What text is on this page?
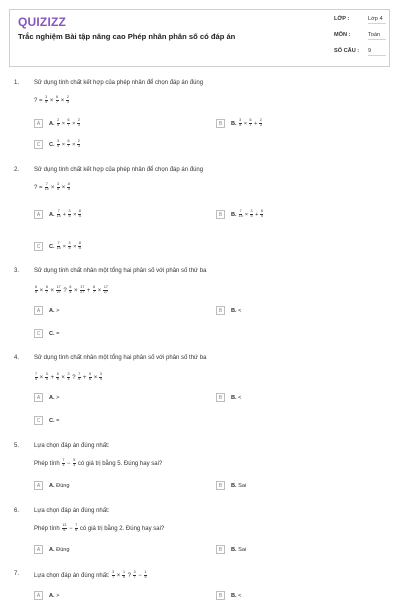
QUIZIZZ
Trắc nghiệm Bài tập nâng cao Phép nhân phân số có đáp án
LỚP :	Lớp 4
MÔN :	Toán
SỐ CÂU : 9
1. Sử dụng tính chất kết hợp của phép nhân để chọn đáp án đúng
? = $\frac{3}{5} \times \frac{6}{7} \times \frac{2}{3}$
A	A. $\frac{2}{5} \times \frac{6}{7} \times \frac{2}{3}$	B	B. $\frac{3}{5} \times \frac{6}{7} + \frac{2}{3}$
C	C. $\frac{3}{5} \times \frac{6}{7} \times \frac{2}{3}$
2. Sử dụng tính chất kết hợp của phép nhân để chọn đáp án đúng
? = $\frac{7}{15} \times \frac{3}{5} \times \frac{8}{5}$
A	A. $\frac{7}{15} + \frac{3}{5} \times \frac{8}{5}$	B	B. $\frac{7}{15} \times \frac{3}{5} + \frac{8}{5}$
C	C. $\frac{7}{15} \times \frac{3}{5} \times \frac{8}{5}$
3. Sử dụng tính chất nhân một tổng hai phân số với phân số thứ ba
$\frac{8}{5} \times \frac{8}{7} \times \frac{17}{27}$ ? $\frac{8}{5} \times \frac{17}{27} + \frac{8}{7} \times \frac{17}{27}$
A	A. >	B	B. <
C	C. =
4. Sử dụng tính chất nhân một tổng hai phân số với phân số thứ ba
$\frac{7}{5} \times \frac{3}{4} + \frac{5}{6} \times \frac{3}{4}$ ? $\frac{7}{5} + \frac{5}{6} \times \frac{3}{4}$
A	A. >	B	B. <
C	C. =
5. Lựa chọn đáp án đúng nhất:
Phép tính $\frac{7}{3} - \frac{5}{3}$ có giá trị bằng 5. Đúng hay sai?
A	A. Đúng	B	B. Sai
6. Lựa chọn đáp án đúng nhất:
Phép tính $\frac{13}{6} - \frac{7}{6}$ có giá trị bằng 2. Đúng hay sai?
A	A. Đúng	B	B. Sai
7. Lựa chọn đáp án đúng nhất: $\frac{3}{7} \times \frac{1}{5}$ ? $\frac{3}{7} - \frac{1}{5}$
A	A. >	B	B. <
